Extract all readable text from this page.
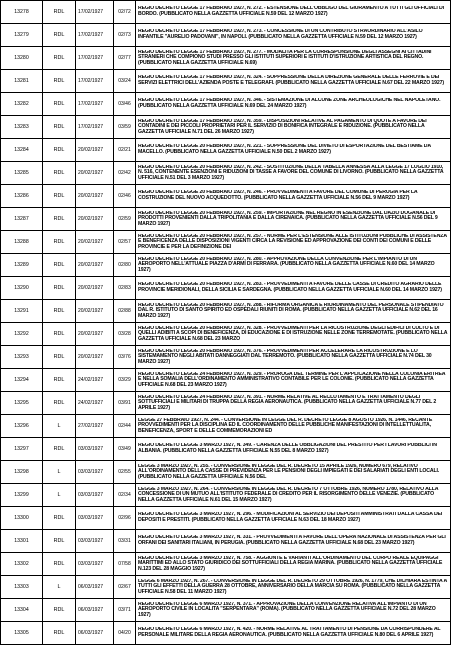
13278	RDL	17/02/1927	02/72	REGIO DECRETO LEGGE 17 FEBBRAIO 1927, N. 272. - ESTENSIONE DELL'OBBLIGO DEL GIURAMENTO A TUTTI GLI UFFICIALI DI BORDO. (PUBBLICATO NELLA GAZZETTA UFFICIALE N.59 DEL 12 MARZO 1927)

13279	RDL	17/02/1927	02/73	REGIO DECRETO LEGGE 17 FEBBRAIO 1927, N. 273. - CONCESSIONE DI UN CONTRIBUTO STRAORDINARIO ALL'ASILO INFANTILE "AURELIO PADOVANI", IN NAPOLI. (PUBBLICATO NELLA GAZZETTA UFFICIALE N.59 DEL 12 MARZO 1927)

13280	RDL	17/02/1927	02/77	REGIO DECRETO LEGGE 17 FEBBRAIO 1927, N. 277. - MODALITA PER LA CORRESPONSIONE DEGLI ASSEGNI AI CITTADINI STRANIERI CHE COMPIONO STUDI PRESSO GLI ISTITUTI SUPERIORI E ISTITUTI D'ISTRUZIONE ARTISTICA DEL REGNO. (PUBBLICATO NELLA GAZZETTA UFFICIALE N.69)

13281	RDL	17/02/1927	03/24	REGIO DECRETO LEGGE 17 FEBBRAIO 1927, N. 324. - SOPPRESSIONE DELLA DIREZIONE GENERALE DELLE FERROVIE E DEI SERVIZI ELETTRICI DELL'AZIENDA POSTE E TELEGRAFI. (PUBBLICATO NELLA GAZZETTA UFFICIALE N.67 DEL 22 MARZO 1927)

13282	RDL	17/02/1927	03/46	REGIO DECRETO LEGGE 17 FEBBRAIO 1927, N. 346. - SISTEMAZIONE DI ALCUNE ZONE ARCHEOLOGICHE NEL NAPOLETANO. (PUBBLICATO NELLA GAZZETTA UFFICIALE N.69 DEL 24 MARZO 1927)

13283	RDL	17/02/1927	03/59	REGIO DECRETO LEGGE 17 FEBBRAIO 1927, N. 359. - DISPOSIZIONI RELATIVE AL PAGAMENTO DI QUOTE A FAVORE DEI CONTADINI E DEI PICCOLI PROPRIETARI PER IL SERVIZIO DI BONIFICA INTEGRALE E RIDUZIONE. (PUBBLICATO NELLA GAZZETTA UFFICIALE N.71 DEL 26 MARZO 1927)

13284	RDL	20/02/1927	02/21	REGIO DECRETO LEGGE 20 FEBBRAIO 1927, N. 221. - SOPPRESSIONE DEL DIVIETO DI ESPORTAZIONE DEL BESTIAME DA MACELLO. (PUBBLICATO NELLA GAZZETTA UFFICIALE N.50 DEL 2 MARZO 1927)

13285	RDL	20/02/1927	02/42	REGIO DECRETO LEGGE 20 FEBBRAIO 1927, N. 242. - SOSTITUZIONE DELLA TABELLA ANNESSA ALLA LEGGE 17 LUGLIO 1910, N. 516, CONTENENTE ESENZIONI E RIDUZIONI DI TASSE A FAVORE DEL COMUNE DI LIVORNO. (PUBBLICATO NELLA GAZZETTA UFFICIALE N.51 DEL 3 MARZO 1927)

13286	RDL	20/02/1927	02/46	REGIO DECRETO LEGGE 20 FEBBRAIO 1927, N. 246. - PROVVEDIMENTI A FAVORE DEL COMUNE DI PERUGIA PER LA COSTRUZIONE DEL NUOVO ACQUEDOTTO. (PUBBLICATO NELLA GAZZETTA UFFICIALE N.56 DEL 9 MARZO 1927)

13287	RDL	20/02/1927	02/59	REGIO DECRETO LEGGE 20 FEBBRAIO 1927, N. 259. - IMPORTAZIONE NEL REGNO IN ESENZIONE DAL DAZIO DOGANALE DI PRODOTTI PROVENIENTI DALLA TRIPOLITANIA E DALLA CIRENAICA. (PUBBLICATO NELLA GAZZETTA UFFICIALE N.56 DEL 9 MARZO 1927)

13288	RDL	20/02/1927	02/57	REGIO DECRETO LEGGE 20 FEBBRAIO 1927, N. 257. - NORME PER L'ESTENSIONE ALLE ISTITUZIONI PUBBLICHE DI ASSISTENZA E BENEFICENZA DELLE DISPOSIZIONI VIGENTI CIRCA LA REVISIONE ED APPROVAZIONE DEI CONTI DEI COMUNI E DELLE PROVINCIE E PER LA DEFINIZIONE DEI

13289	RDL	20/02/1927	02/80	REGIO DECRETO LEGGE 20 FEBBRAIO 1927, N. 280. - APPROVAZIONE DELLA CONVENZIONE PER L'IMPIANTO DI UN AEROPORTO NELL'ATTUALE PIAZZA D'ARMI DI FERRARA. (PUBBLICATO NELLA GAZZETTA UFFICIALE N.60 DEL 14 MARZO 1927)

13290	RDL	20/02/1927	02/83	REGIO DECRETO LEGGE 20 FEBBRAIO 1927, N. 283. - PROVVEDIMENTI A FAVORE DELLE CASSE DI CREDITO AGRARIO DELLE PROVINCIE MERIDIONALI, DELLA SICILIA E SARDEGNA. (PUBBLICATO NELLA GAZZETTA UFFICIALE N.60 DEL 14 MARZO 1927)

13291	RDL	20/02/1927	02/88	REGIO DECRETO LEGGE 20 FEBBRAIO 1927, N. 288. - RIFORMA ORGANICA E RIORDINAMENTO DEL PERSONALE STIPENDIATO DAL R. ISTITUTO DI SANTO SPIRITO ED OSPEDALI RIUNITI DI ROMA. (PUBBLICATO NELLA GAZZETTA UFFICIALE N.62 DEL 16 MARZO 1927)

13292	RDL	20/02/1927	03/28	REGIO DECRETO LEGGE 20 FEBBRAIO 1927, N. 328. - PROVVEDIMENTI PER LA RICOSTRUZIONE DEGLI EDIFICI DI CULTO E DI QUELLI ADIBITI A SCOPI DI BENEFICENZA, DI EDUCAZIONE E DI ISTRUZIONE NELLE ZONE TERREMOTATE. (PUBBLICATO NELLA GAZZETTA UFFICIALE N.68 DEL 23 MARZO

13293	RDL	20/02/1927	03/76	REGIO DECRETO LEGGE 20 FEBBRAIO 1927, N. 376. - PROVVEDIMENTI PER ACCELERARE LA RICOSTRUZIONE E LO SISTEMAMENTO NEGLI ABITATI DANNEGGIATI DAL TERREMOTO. (PUBBLICATO NELLA GAZZETTA UFFICIALE N.74 DEL 30 MARZO 1927)

13294	RDL	24/02/1927	03/29	REGIO DECRETO LEGGE 24 FEBBRAIO 1927, N. 329. - PROROGA DEL TERMINE PER L'APPLICAZIONE NELLA COLONIA ERITREA E NELLA SOMALIA DELL'ORDINAMENTO AMMINISTRATIVO CONTABILE PER LE COLONIE. (PUBBLICATO NELLA GAZZETTA UFFICIALE N.68 DEL 23 MARZO 1927)

13295	RDL	24/02/1927	03/91	REGIO DECRETO LEGGE 24 FEBBRAIO 1927, N. 391. - NORME RELATIVE AL RECLUTAMENTO E TRATTAMENTO DEGLI SOTTUFFICIALI E MILITARI DI TRUPPA DELLA REGIA AERONAUTICA. (PUBBLICATO NELLA GAZZETTA UFFICIALE N.77 DEL 2 APRILE 1927)

13296	L	27/02/1927	02/44	LEGGE 27 FEBBRAIO 1927, N. 244. - CONVERSIONE IN LEGGE DEL R. DECRETO LEGGE 8 AGOSTO 1926, N. 1446, RECANTE PROVVEDIMENTI PER LA DISCIPLINA ED IL COORDINAMENTO DELLE PUBBLICHE MANIFESTAZIONI DI INTELLETTUALITA, BENEFICENZA, SPORT E DELLE COMMEMORAZIONI ED

13297	RDL	03/03/1927	03/49	REGIO DECRETO LEGGE 3 MARZO 1927, N. 349. - CARENZA DELLE OBBLIGAZIONI DEL PRESTITO PER I LAVORI PUBBLICI IN ALBANIA. (PUBBLICATO NELLA GAZZETTA UFFICIALE N.55 DEL 8 MARZO 1927)

13298	L	03/03/1927	02/55	LEGGE 3 MARZO 1927, N. 255. - CONVERSIONE IN LEGGE DEL R. DECRETO 15 APRILE 1926, NUMERO 679, RELATIVO ALL'ORDINAMENTO DELLA CASSE DI PREVIDENZA PER LE PENSIONI DEGLI IMPIEGATI E DEI SALARIATI DEGLI ENTI LOCALI. (PUBBLICATO NELLA GAZZETTA UFFICIALE N.56 DEL

13299	L	03/03/1927	02/34	LEGGE 3 MARZO 1927, N. 264. - CONVERSIONE IN LEGGE DEL R. DECRETO 7 OTTOBRE 1926, NUMERO 1780, RELATIVO ALLA CONCESSIONE DI UN MUTUO ALL'ISTITUTO FEDERALE DI CREDITO PER IL RISORGIMENTO DELLE VENEZIE. (PUBBLICATO NELLA GAZZETTA UFFICIALE N.61 DEL 15 MARZO 1927)

13300	RDL	03/03/1927	02/96	REGIO DECRETO LEGGE 3 MARZO 1927, N. 296. - MODIFICAZIONI AL SERVIZIO DEI DEPOSITI AMMINISTRATI DALLA CASSA DEI DEPOSITI E PRESTITI. (PUBBLICATO NELLA GAZZETTA UFFICIALE N.63 DEL 18 MARZO 1927)

13301	RDL	03/03/1927	03/31	REGIO DECRETO LEGGE 3 MARZO 1927, N. 331. - PROVVEDIMENTI A FAVORE DELL'OPERA NAZIONALE DI ASSISTENZA PER GLI ORFANI DEI SANITARI ITALIANI, IN PERUGIA. (PUBBLICATO NELLA GAZZETTA UFFICIALE N.68 DEL 23 MARZO 1927)

13302	RDL	03/03/1927	07/58	REGIO DECRETO LEGGE 3 MARZO 1927, N. 758. - AGGIUNTE E VARIANTI ALL'ORDINAMENTO DEL CORPO REALE EQUIPAGGI MARITTIMI ED ALLO STATO GIURIDICO DEI SOTTUFFICIALI DELLA REGIA MARINA. (PUBBLICATO NELLA GAZZETTA UFFICIALE N.123 DEL 28 MAGGIO 1927)

13303	L	06/03/1927	02/67	LEGGE 6 MARZO 1927, N. 267. - CONVERSIONE IN LEGGE DEL R. DECRETO 29 OTTOBRE 1926, N. 1779, CHE DICHIARA ESTINTA A TUTTI GLI EFFETTI DELLA GUERRA 28 OTTOBRE, ANNIVERSARIO DELLA MARCIA SU ROMA. (PUBBLICATO NELLA GAZZETTA UFFICIALE N.58 DEL 11 MARZO 1927)

13304	RDL	06/03/1927	03/71	REGIO DECRETO LEGGE 6 MARZO 1927, N. 371. - APPROVAZIONE DELLA CONVENZIONE RELATIVA ALL'IMPIANTO DI UN AEROPORTO CIVILE IN LOCALITA "SERPENTARA" (ROMA). (PUBBLICATO NELLA GAZZETTA UFFICIALE N.72 DEL 28 MARZO 1927)

13305	RDL	06/03/1927	04/20	REGIO DECRETO LEGGE 6 MARZO 1927, N. 420. - NORME RELATIVE AL TRATTAMENTO DI PENSIONE DA CORRISPONDERE AL PERSONALE MILITARE DELLA REGIA AERONAUTICA. (PUBBLICATO NELLA GAZZETTA UFFICIALE N.80 DEL 6 APRILE 1927)
